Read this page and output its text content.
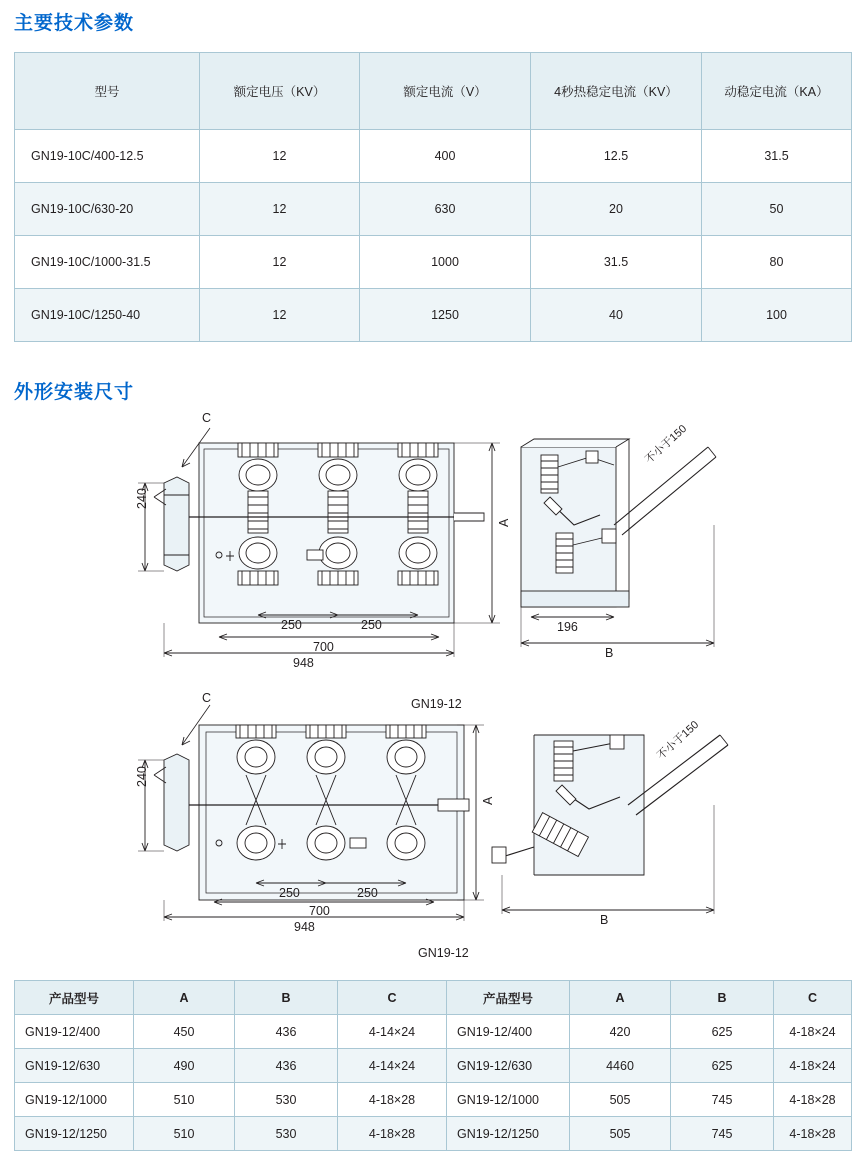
主要技术参数
型号	额定电压（KV）	额定电流（V）	4秒热稳定电流（KV）	动稳定电流（KA）
GN19-10C/400-12.5	12	400	12.5	31.5
GN19-10C/630-20	12	630	20	50
GN19-10C/1000-31.5	12	1000	31.5	80
GN19-10C/1250-40	12	1250	40	100
外形安装尺寸
C
240
A
250	250
700
948
196
B
不小于150
GN19-12
C
240
A
250	250
700
948	B
不小于150
GN19-12
产品型号	A	B	C	产品型号	A	B	C
GN19-12/400	450	436	4-14×24	GN19-12/400	420	625	4-18×24
GN19-12/630	490	436	4-14×24	GN19-12/630	4460	625	4-18×24
GN19-12/1000	510	530	4-18×28	GN19-12/1000	505	745	4-18×28
GN19-12/1250	510	530	4-18×28	GN19-12/1250	505	745	4-18×28
